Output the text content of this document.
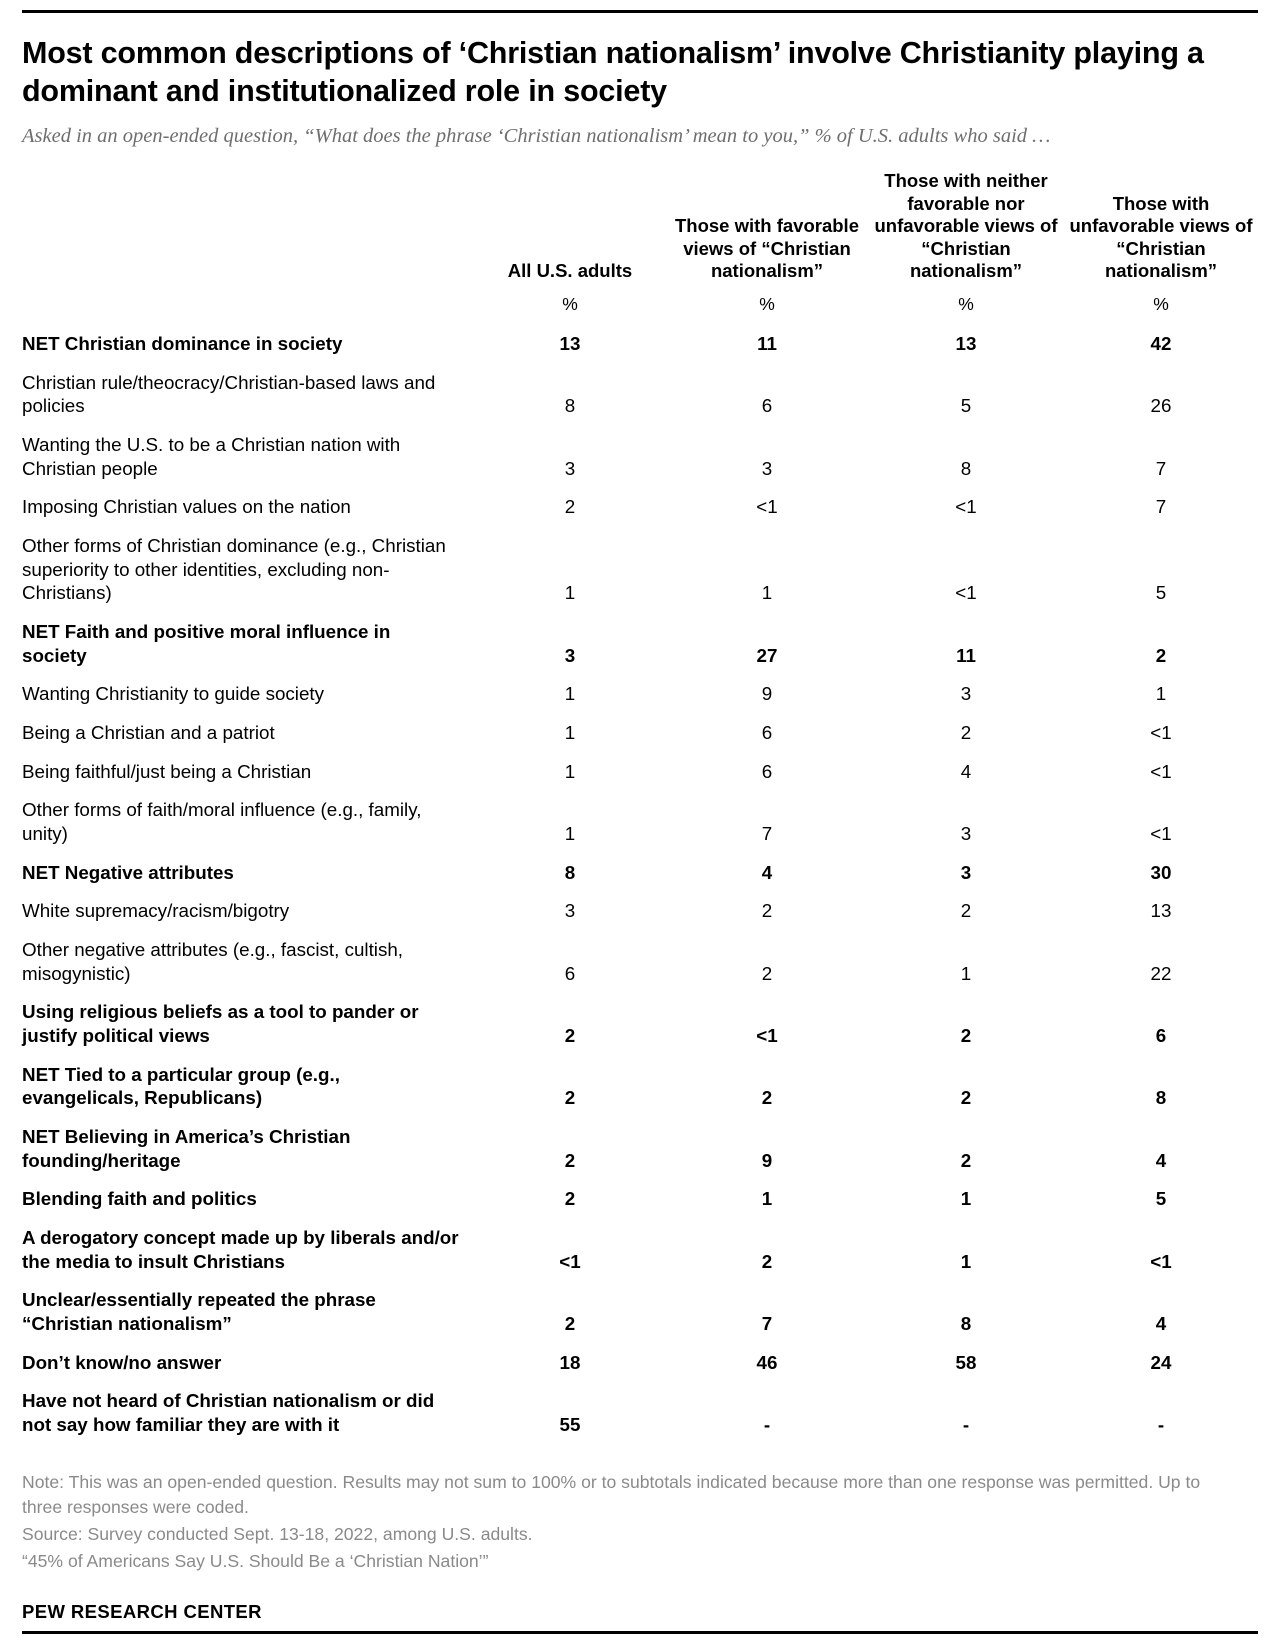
Most common descriptions of ‘Christian nationalism’ involve Christianity playing a dominant and institutionalized role in society

Asked in an open-ended question, “What does the phrase ‘Christian nationalism’ mean to you,” % of U.S. adults who said …

	All U.S. adults	Those with favorable views of “Christian nationalism”	Those with neither favorable nor unfavorable views of “Christian nationalism”	Those with unfavorable views of “Christian nationalism”
	%	%	%	%
NET Christian dominance in society	13	11	13	42
Christian rule/theocracy/Christian-based laws and policies	8	6	5	26
Wanting the U.S. to be a Christian nation with Christian people	3	3	8	7
Imposing Christian values on the nation	2	<1	<1	7
Other forms of Christian dominance (e.g., Christian superiority to other identities, excluding non-Christians)	1	1	<1	5
NET Faith and positive moral influence in society	3	27	11	2
Wanting Christianity to guide society	1	9	3	1
Being a Christian and a patriot	1	6	2	<1
Being faithful/just being a Christian	1	6	4	<1
Other forms of faith/moral influence (e.g., family, unity)	1	7	3	<1
NET Negative attributes	8	4	3	30
White supremacy/racism/bigotry	3	2	2	13
Other negative attributes (e.g., fascist, cultish, misogynistic)	6	2	1	22
Using religious beliefs as a tool to pander or justify political views	2	<1	2	6
NET Tied to a particular group (e.g., evangelicals, Republicans)	2	2	2	8
NET Believing in America’s Christian founding/heritage	2	9	2	4
Blending faith and politics	2	1	1	5
A derogatory concept made up by liberals and/or the media to insult Christians	<1	2	1	<1
Unclear/essentially repeated the phrase “Christian nationalism”	2	7	8	4
Don’t know/no answer	18	46	58	24
Have not heard of Christian nationalism or did not say how familiar they are with it	55	-	-	-

Note: This was an open-ended question. Results may not sum to 100% or to subtotals indicated because more than one response was permitted. Up to three responses were coded.

Source: Survey conducted Sept. 13-18, 2022, among U.S. adults.

“45% of Americans Say U.S. Should Be a ‘Christian Nation’”

PEW RESEARCH CENTER
